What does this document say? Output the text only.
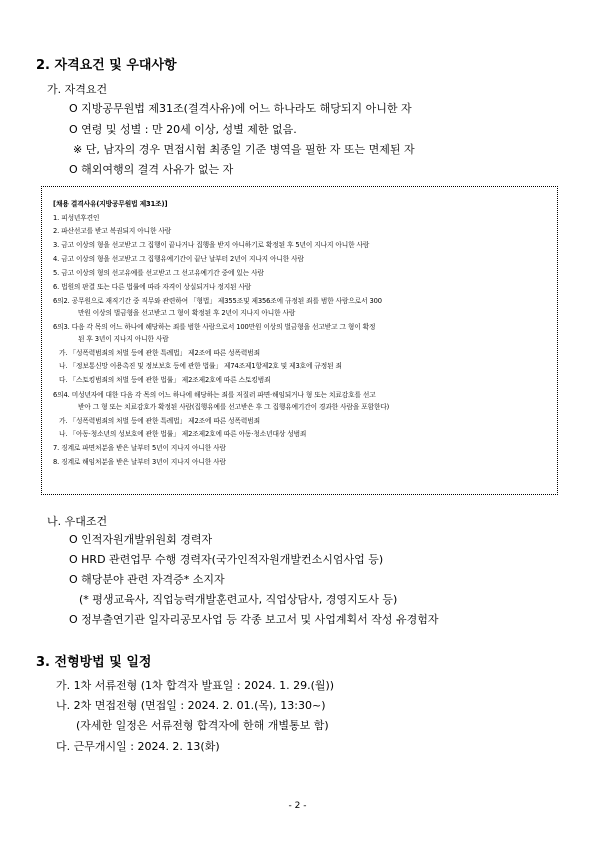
2. 자격요건 및 우대사항
가. 자격요건
O 지방공무원법 제31조(결격사유)에 어느 하나라도 해당되지 아니한 자
O 연령 및 성별 : 만 20세 이상, 성별 제한 없음.
※ 단, 남자의 경우 면접시험 최종일 기준 병역을 필한 자 또는 면제된 자
O 해외여행의 결격 사유가 없는 자
[채용 결격사유(지방공무원법 제31조)]
1. 피성년후견인
2. 파산선고를 받고 복권되지 아니한 사람
3. 금고 이상의 형을 선고받고 그 집행이 끝나거나 집행을 받지 아니하기로 확정된 후 5년이 지나지 아니한 사람
4. 금고 이상의 형을 선고받고 그 집행유예기간이 끝난 날부터 2년이 지나지 아니한 사람
5. 금고 이상의 형의 선고유예를 선고받고 그 선고유예기간 중에 있는 사람
6. 법원의 판결 또는 다른 법률에 따라 자격이 상실되거나 정지된 사람
6의2. 공무원으로 재직기간 중 직무와 관련하여 「형법」 제355조및 제356조에 규정된 죄를 범한 사람으로서 300
만원 이상의 벌금형을 선고받고 그 형이 확정된 후 2년이 지나지 아니한 사람
6의3. 다음 각 목의 어느 하나에 해당하는 죄를 범한 사람으로서 100만원 이상의 벌금형을 선고받고 그 형이 확정
된 후 3년이 지나지 아니한 사람
가. 「성폭력범죄의 처벌 등에 관한 특례법」 제2조에 따른 성폭력범죄
나. 「정보통신망 이용촉진 및 정보보호 등에 관한 법률」 제74조제1항제2호 및 제3호에 규정된 죄
다. 「스토킹범죄의 처벌 등에 관한 법률」 제2조제2호에 따른 스토킹범죄
6의4. 미성년자에 대한 다음 각 목의 어느 하나에 해당하는 죄를 저질러 파면·해임되거나 형 또는 치료감호를 선고
받아 그 형 또는 치료감호가 확정된 사람(집행유예를 선고받은 후 그 집행유예기간이 경과한 사람을 포함한다)
가. 「성폭력범죄의 처벌 등에 관한 특례법」 제2조에 따른 성폭력범죄
나. 「아동·청소년의 성보호에 관한 법률」 제2조제2호에 따른 아동·청소년대상 성범죄
7. 징계로 파면처분을 받은 날부터 5년이 지나지 아니한 사람
8. 징계로 해임처분을 받은 날부터 3년이 지나지 아니한 사람
나. 우대조건
O 인적자원개발위원회 경력자
O HRD 관련업무 수행 경력자(국가인적자원개발컨소시엄사업 등)
O 해당분야 관련 자격증* 소지자
(* 평생교육사, 직업능력개발훈련교사, 직업상담사, 경영지도사 등)
O 정부출연기관 일자리공모사업 등 각종 보고서 및 사업계획서 작성 유경험자
3. 전형방법 및 일정
가. 1차 서류전형 (1차 합격자 발표일 : 2024. 1. 29.(월))
나. 2차 면접전형 (면접일 : 2024. 2. 01.(목), 13:30~)
(자세한 일정은 서류전형 합격자에 한해 개별통보 함)
다. 근무개시일 : 2024. 2. 13(화)
- 2 -
